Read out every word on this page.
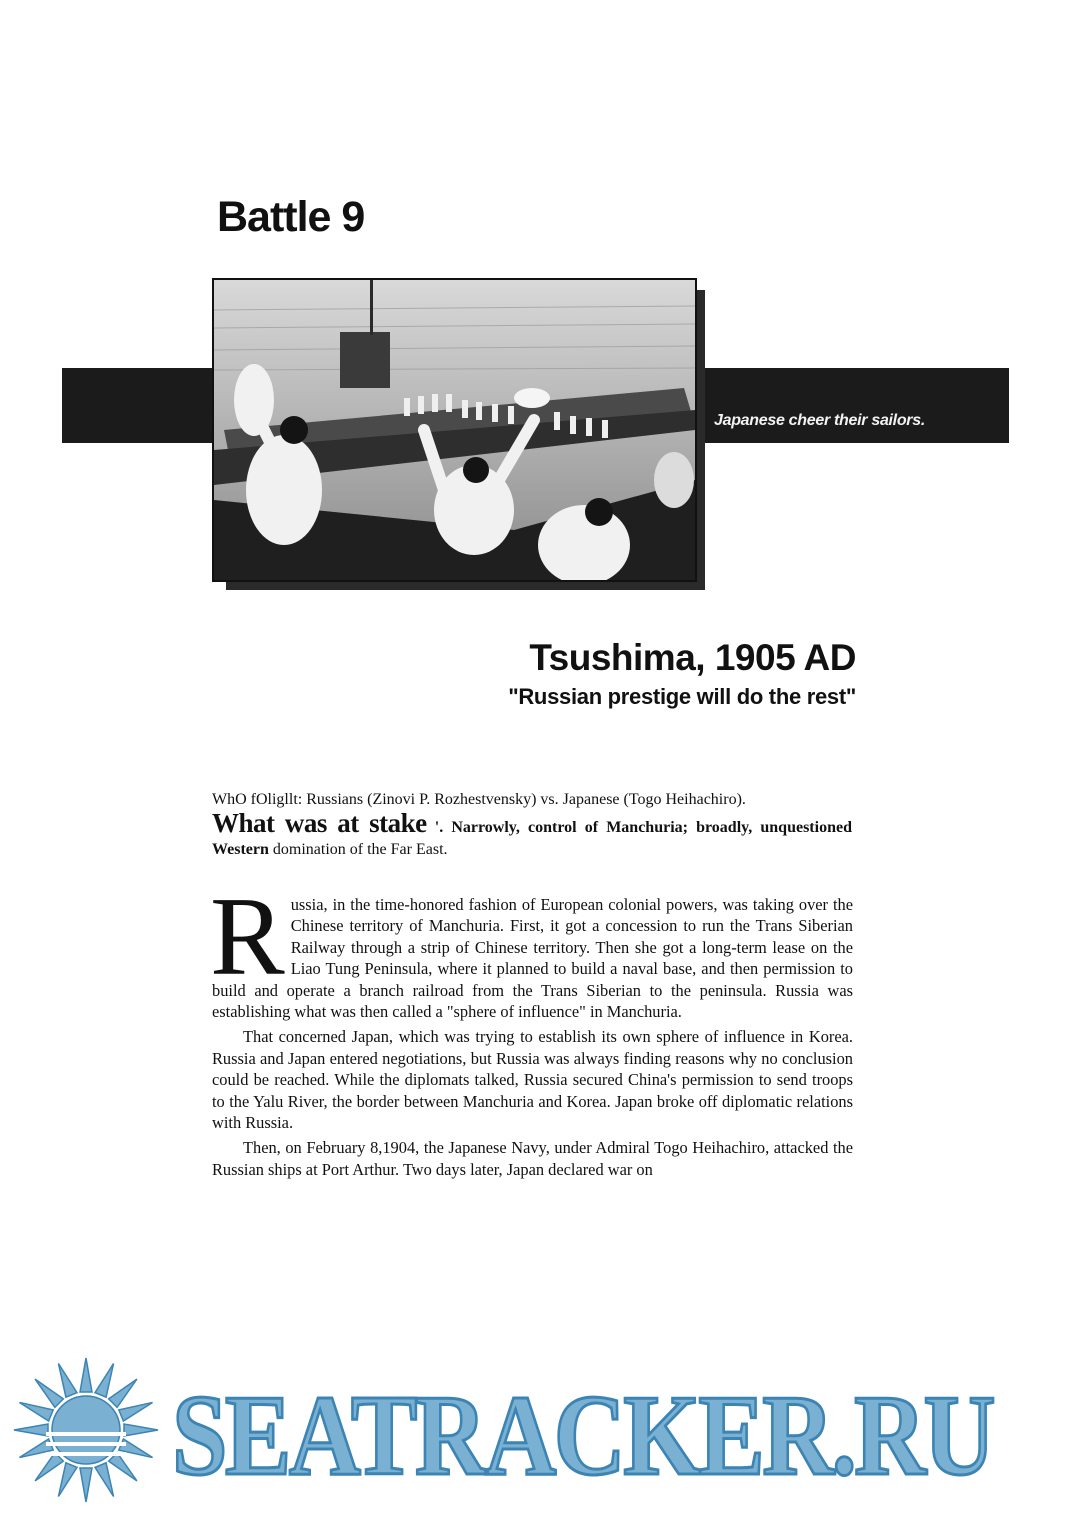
Battle 9
Japanese cheer their sailors.
Tsushima, 1905 AD
"Russian prestige will do the rest"
WhO fOligllt: Russians (Zinovi P. Rozhestvensky) vs. Japanese (Togo Heihachiro).
What was at stake '. Narrowly, control of Manchuria; broadly, unquestioned Western domination of the Far East.

Russia, in the time-honored fashion of European colonial powers, was taking over the Chinese territory of Manchuria. First, it got a concession to run the Trans Siberian Railway through a strip of Chinese territory. Then she got a long-term lease on the Liao Tung Peninsula, where it planned to build a naval base, and then permission to build and operate a branch railroad from the Trans Siberian to the peninsula. Russia was establishing what was then called a "sphere of influence" in Manchuria.

That concerned Japan, which was trying to establish its own sphere of influence in Korea. Russia and Japan entered negotiations, but Russia was always finding reasons why no conclusion could be reached. While the diplomats talked, Russia secured China's permission to send troops to the Yalu River, the border between Manchuria and Korea. Japan broke off diplomatic relations with Russia.

Then, on February 8,1904, the Japanese Navy, under Admiral Togo Heihachiro, attacked the Russian ships at Port Arthur. Two days later, Japan declared war on

SEATRACKER.RU
